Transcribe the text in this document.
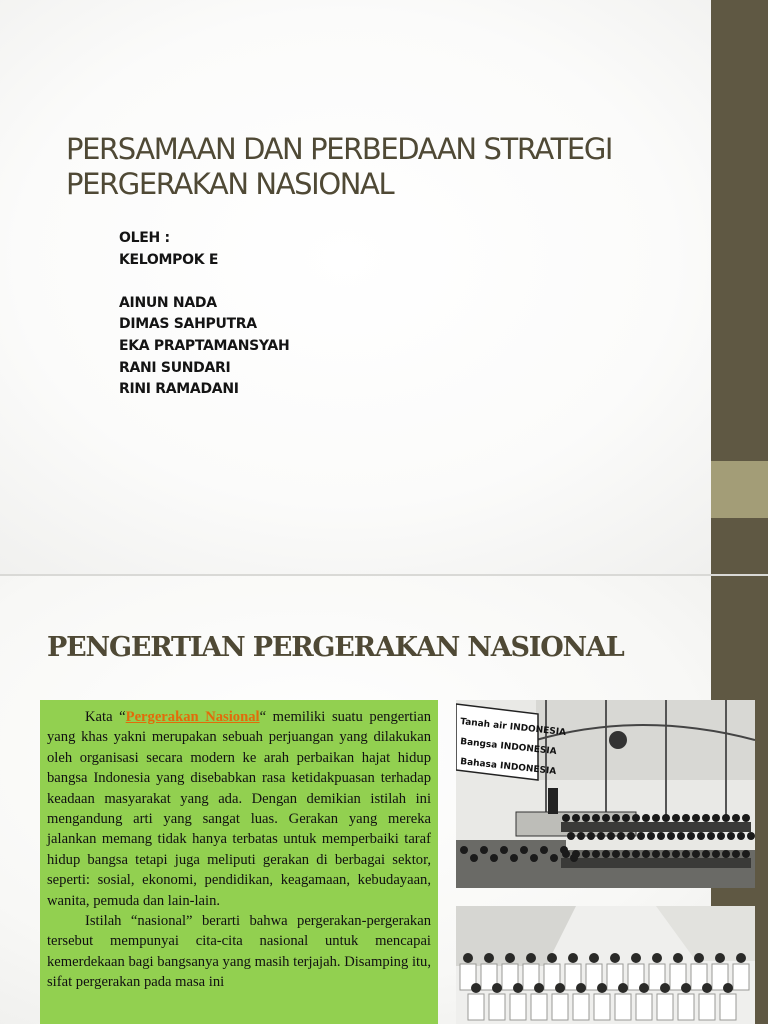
PERSAMAAN DAN PERBEDAAN STRATEGI PERGERAKAN NASIONAL
OLEH :
KELOMPOK E
AINUN NADA
DIMAS SAHPUTRA
EKA PRAPTAMANSYAH
RANI SUNDARI
RINI RAMADANI
PENGERTIAN PERGERAKAN NASIONAL

Kata “Pergerakan Nasional“ memiliki suatu pengertian yang khas yakni merupakan sebuah perjuangan yang dilakukan oleh organisasi secara modern ke arah perbaikan hajat hidup bangsa Indonesia yang disebabkan rasa ketidakpuasan terhadap keadaan masyarakat yang ada. Dengan demikian istilah ini mengandung arti yang sangat luas. Gerakan yang mereka jalankan memang tidak hanya terbatas untuk memperbaiki taraf hidup bangsa tetapi juga meliputi gerakan di berbagai sektor, seperti: sosial, ekonomi, pendidikan, keagamaan, kebudayaan, wanita, pemuda dan lain-lain.

Istilah “nasional” berarti bahwa pergerakan-pergerakan tersebut mempunyai cita-cita nasional untuk mencapai kemerdekaan bagi bangsanya yang masih terjajah. Disamping itu, sifat pergerakan pada masa ini

Tanah air INDONESIA
Bangsa INDONESIA
Bahasa INDONESIA
